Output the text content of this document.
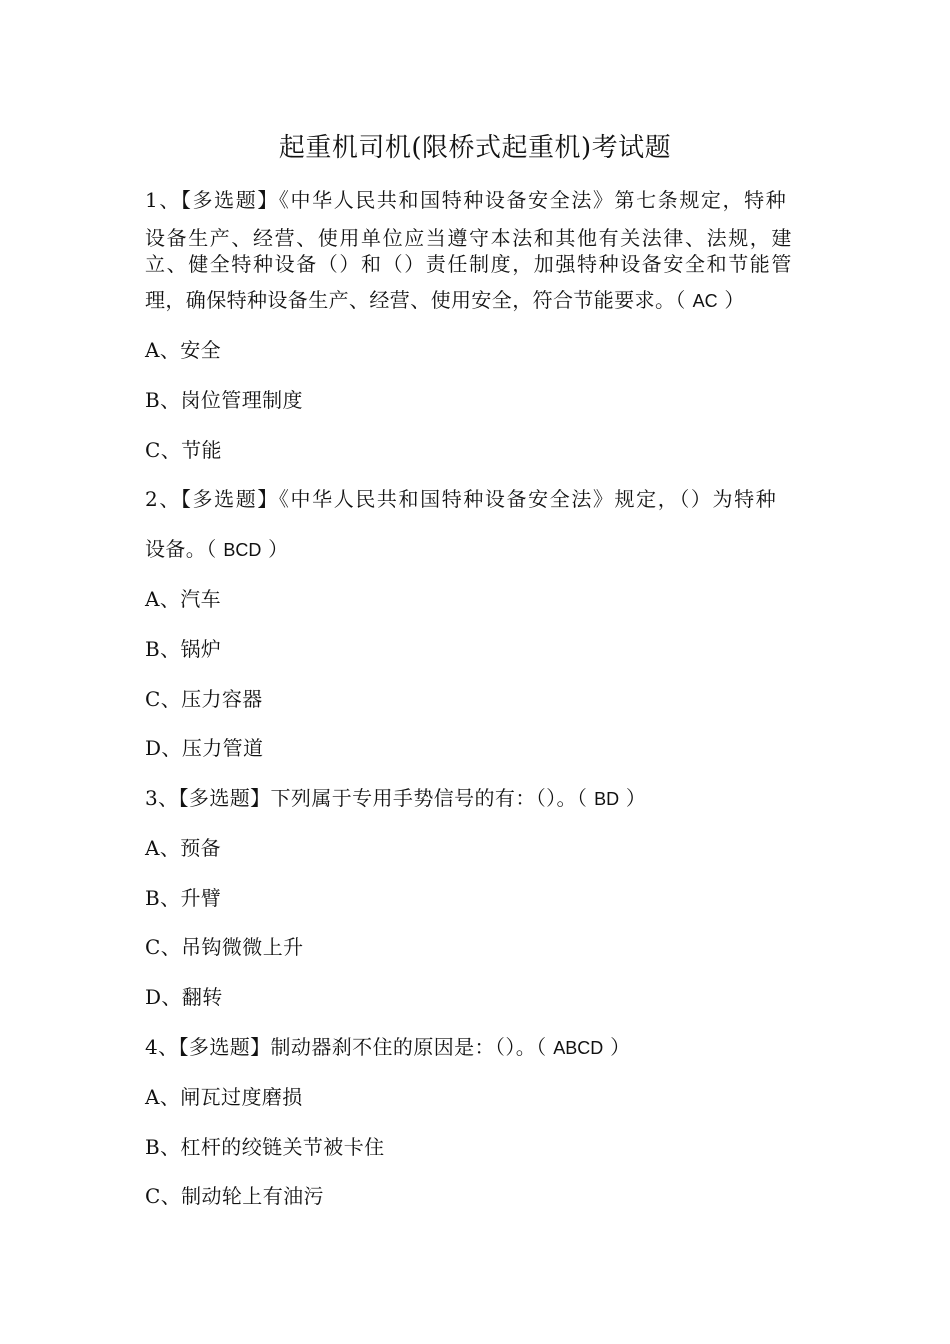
起重机司机(限桥式起重机)考试题
1、【多选题】《中华人民共和国特种设备安全法》第七条规定，特种
设备生产、经营、使用单位应当遵守本法和其他有关法律、法规，建
立、健全特种设备（）和（）责任制度，加强特种设备安全和节能管
理，确保特种设备生产、经营、使用安全，符合节能要求。（ AC ）
A、安全
B、岗位管理制度
C、节能
2、【多选题】《中华人民共和国特种设备安全法》规定，（）为特种
设备。（ BCD ）
A、汽车
B、锅炉
C、压力容器
D、压力管道
3、【多选题】下列属于专用手势信号的有：（）。（ BD ）
A、预备
B、升臂
C、吊钩微微上升
D、翻转
4、【多选题】制动器刹不住的原因是：（）。（ ABCD ）
A、闸瓦过度磨损
B、杠杆的绞链关节被卡住
C、制动轮上有油污
